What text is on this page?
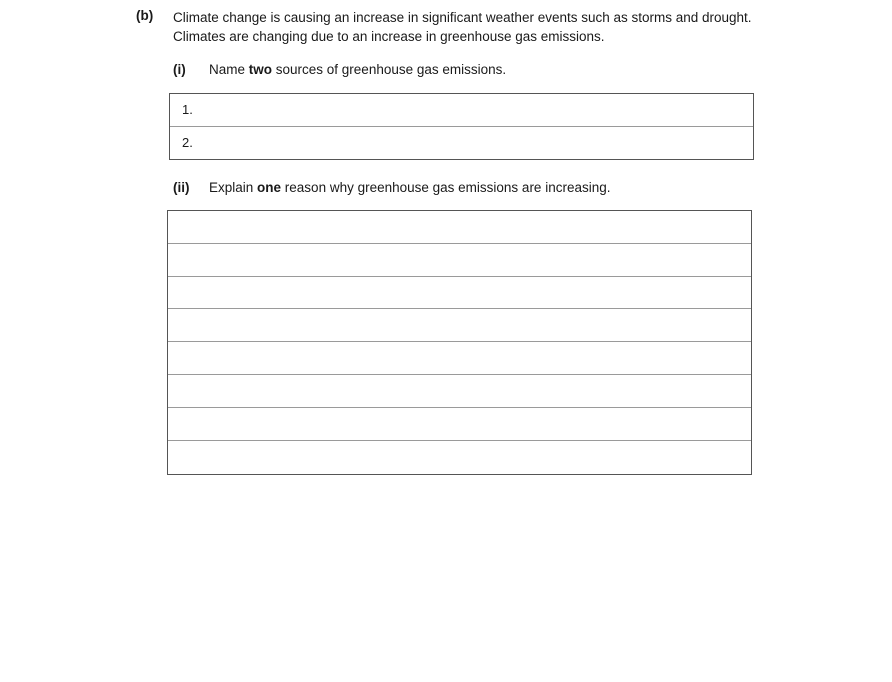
(b) Climate change is causing an increase in significant weather events such as storms and drought. Climates are changing due to an increase in greenhouse gas emissions.
(i) Name two sources of greenhouse gas emissions.
1.
2.
(ii) Explain one reason why greenhouse gas emissions are increasing.
